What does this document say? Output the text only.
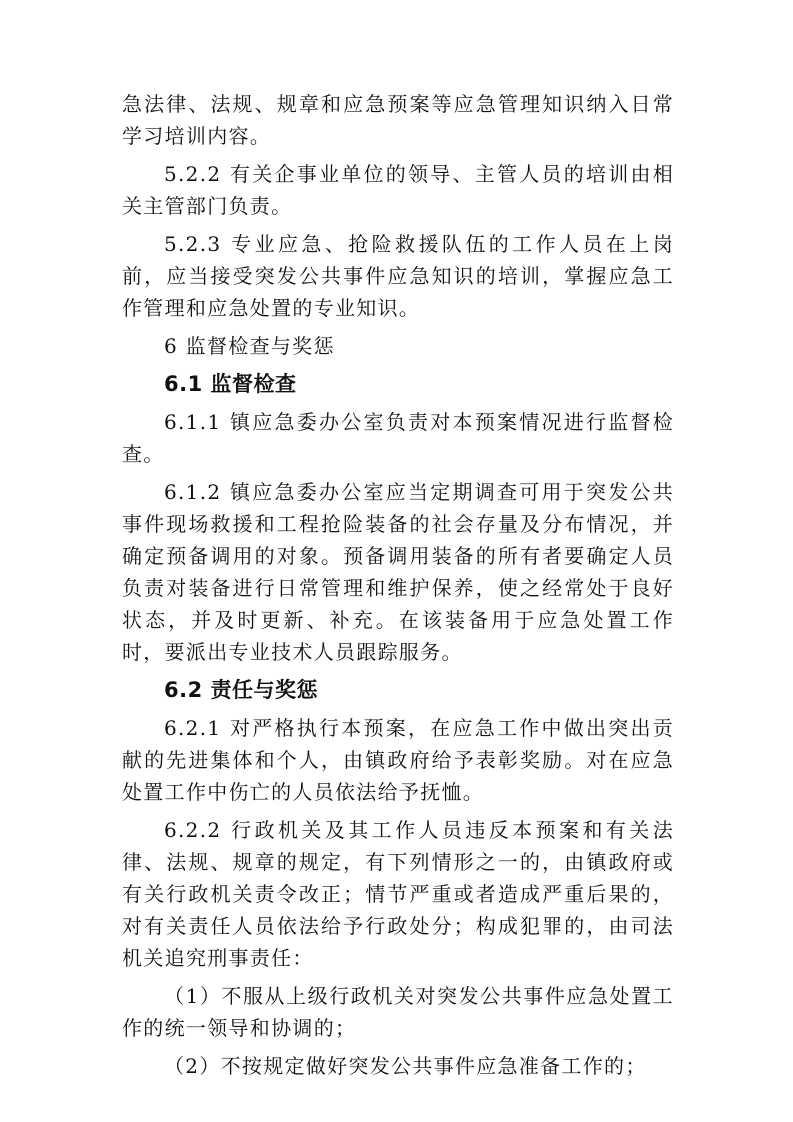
急法律、法规、规章和应急预案等应急管理知识纳入日常学习培训内容。

5.2.2 有关企事业单位的领导、主管人员的培训由相关主管部门负责。

5.2.3 专业应急、抢险救援队伍的工作人员在上岗前，应当接受突发公共事件应急知识的培训，掌握应急工作管理和应急处置的专业知识。

6 监督检查与奖惩

6.1 监督检查

6.1.1 镇应急委办公室负责对本预案情况进行监督检查。

6.1.2 镇应急委办公室应当定期调查可用于突发公共事件现场救援和工程抢险装备的社会存量及分布情况，并确定预备调用的对象。预备调用装备的所有者要确定人员负责对装备进行日常管理和维护保养，使之经常处于良好状态，并及时更新、补充。在该装备用于应急处置工作时，要派出专业技术人员跟踪服务。

6.2 责任与奖惩

6.2.1 对严格执行本预案，在应急工作中做出突出贡献的先进集体和个人，由镇政府给予表彰奖励。对在应急处置工作中伤亡的人员依法给予抚恤。

6.2.2 行政机关及其工作人员违反本预案和有关法律、法规、规章的规定，有下列情形之一的，由镇政府或有关行政机关责令改正；情节严重或者造成严重后果的，对有关责任人员依法给予行政处分；构成犯罪的，由司法机关追究刑事责任：

（1）不服从上级行政机关对突发公共事件应急处置工作的统一领导和协调的；

（2）不按规定做好突发公共事件应急准备工作的；
